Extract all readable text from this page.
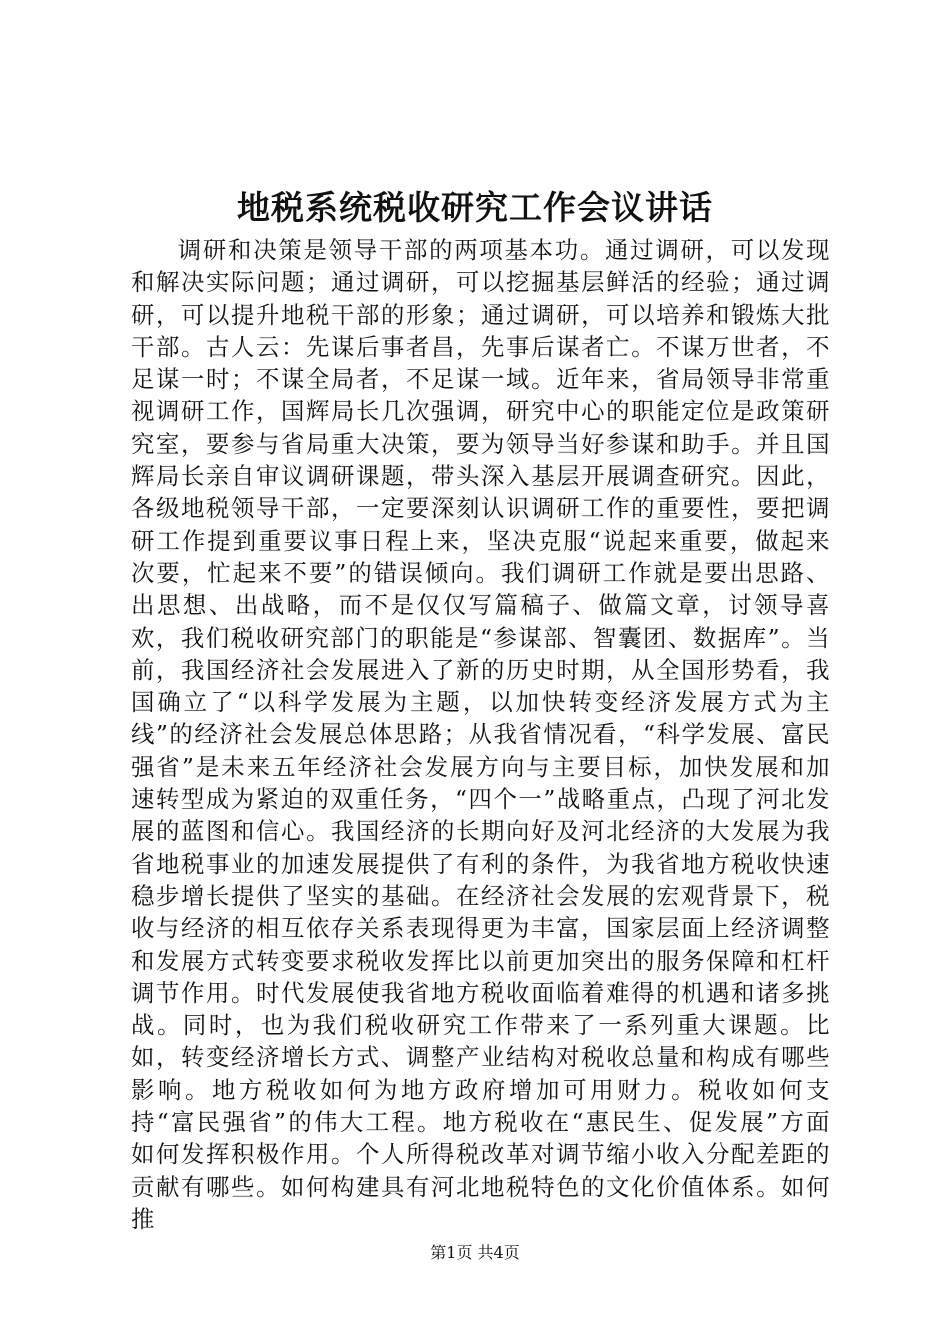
地税系统税收研究工作会议讲话

调研和决策是领导干部的两项基本功。通过调研，可以发现和解决实际问题；通过调研，可以挖掘基层鲜活的经验；通过调研，可以提升地税干部的形象；通过调研，可以培养和锻炼大批干部。古人云：先谋后事者昌，先事后谋者亡。不谋万世者，不足谋一时；不谋全局者，不足谋一域。近年来，省局领导非常重视调研工作，国辉局长几次强调，研究中心的职能定位是政策研究室，要参与省局重大决策，要为领导当好参谋和助手。并且国辉局长亲自审议调研课题，带头深入基层开展调查研究。因此，各级地税领导干部，一定要深刻认识调研工作的重要性，要把调研工作提到重要议事日程上来，坚决克服“说起来重要，做起来次要，忙起来不要”的错误倾向。我们调研工作就是要出思路、出思想、出战略，而不是仅仅写篇稿子、做篇文章，讨领导喜欢，我们税收研究部门的职能是“参谋部、智囊团、数据库”。当前，我国经济社会发展进入了新的历史时期，从全国形势看，我国确立了“以科学发展为主题，以加快转变经济发展方式为主线”的经济社会发展总体思路；从我省情况看，“科学发展、富民强省”是未来五年经济社会发展方向与主要目标，加快发展和加速转型成为紧迫的双重任务，“四个一”战略重点，凸现了河北发展的蓝图和信心。我国经济的长期向好及河北经济的大发展为我省地税事业的加速发展提供了有利的条件，为我省地方税收快速稳步增长提供了坚实的基础。在经济社会发展的宏观背景下，税收与经济的相互依存关系表现得更为丰富，国家层面上经济调整和发展方式转变要求税收发挥比以前更加突出的服务保障和杠杆调节作用。时代发展使我省地方税收面临着难得的机遇和诸多挑战。同时，也为我们税收研究工作带来了一系列重大课题。比如，转变经济增长方式、调整产业结构对税收总量和构成有哪些影响。地方税收如何为地方政府增加可用财力。税收如何支持“富民强省”的伟大工程。地方税收在“惠民生、促发展”方面如何发挥积极作用。个人所得税改革对调节缩小收入分配差距的贡献有哪些。如何构建具有河北地税特色的文化价值体系。如何推

第1页 共4页
